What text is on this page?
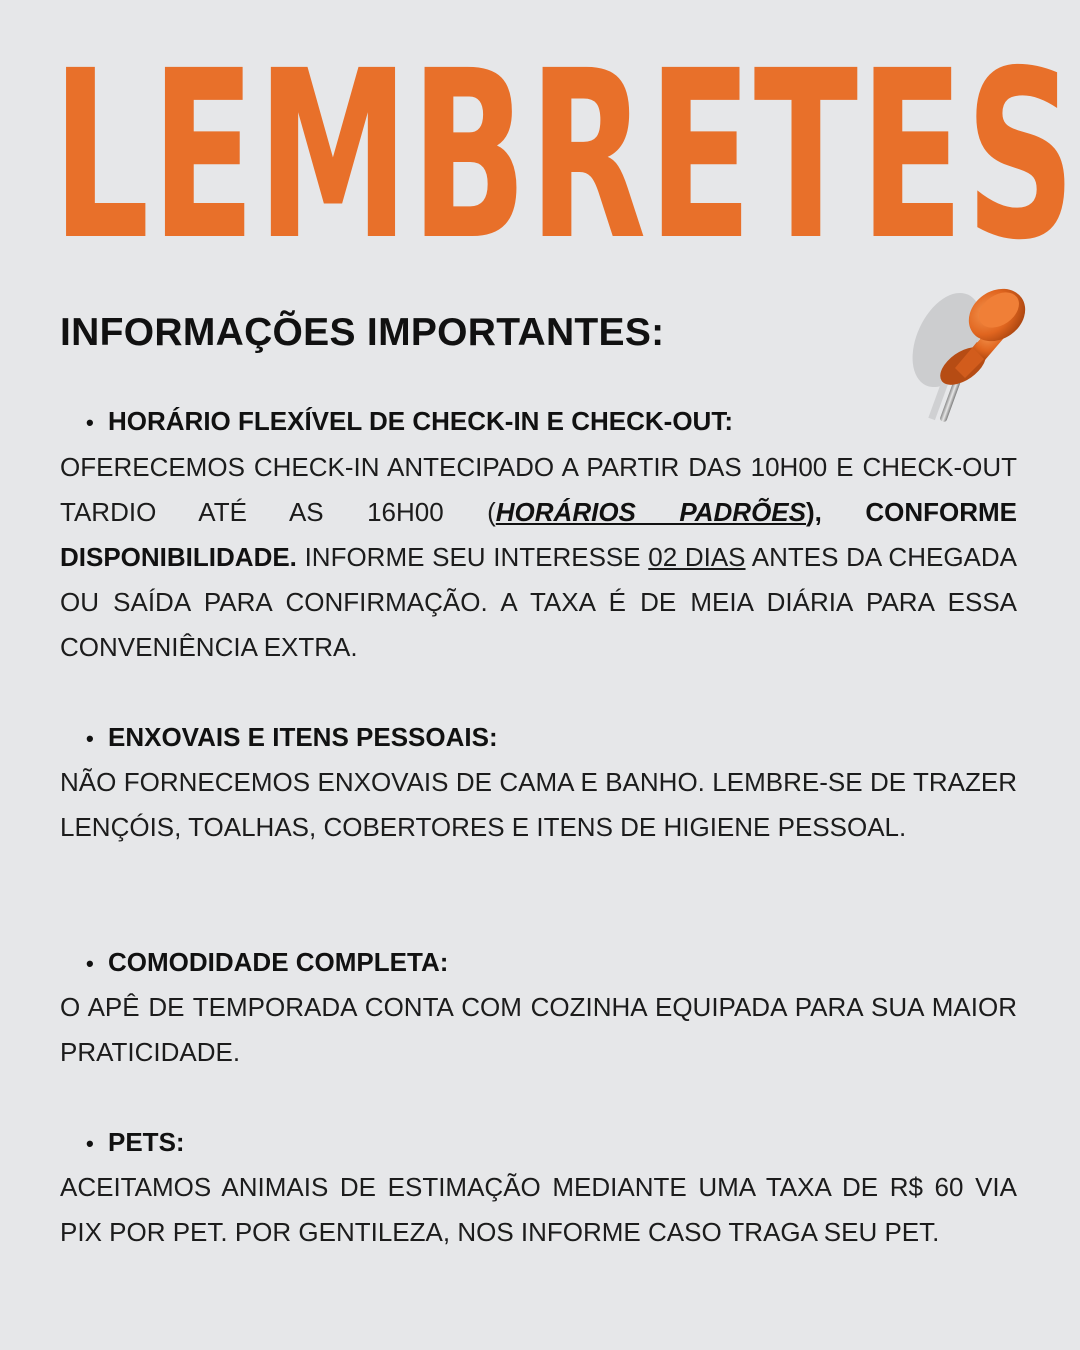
LEMBRETES
INFORMAÇÕES IMPORTANTES:

• HORÁRIO FLEXÍVEL DE CHECK-IN E CHECK-OUT:

OFERECEMOS CHECK-IN ANTECIPADO A PARTIR DAS 10H00 E CHECK-OUT TARDIO ATÉ AS 16H00 (HORÁRIOS PADRÕES), CONFORME DISPONIBILIDADE. INFORME SEU INTERESSE 02 DIAS ANTES DA CHEGADA OU SAÍDA PARA CONFIRMAÇÃO. A TAXA É DE MEIA DIÁRIA PARA ESSA CONVENIÊNCIA EXTRA.

• ENXOVAIS E ITENS PESSOAIS:

NÃO FORNECEMOS ENXOVAIS DE CAMA E BANHO. LEMBRE-SE DE TRAZER LENÇÓIS, TOALHAS, COBERTORES E ITENS DE HIGIENE PESSOAL.

• COMODIDADE COMPLETA:

O APÊ DE TEMPORADA CONTA COM COZINHA EQUIPADA PARA SUA MAIOR PRATICIDADE.

• PETS:

ACEITAMOS ANIMAIS DE ESTIMAÇÃO MEDIANTE UMA TAXA DE R$ 60 VIA PIX POR PET. POR GENTILEZA, NOS INFORME CASO TRAGA SEU PET.
